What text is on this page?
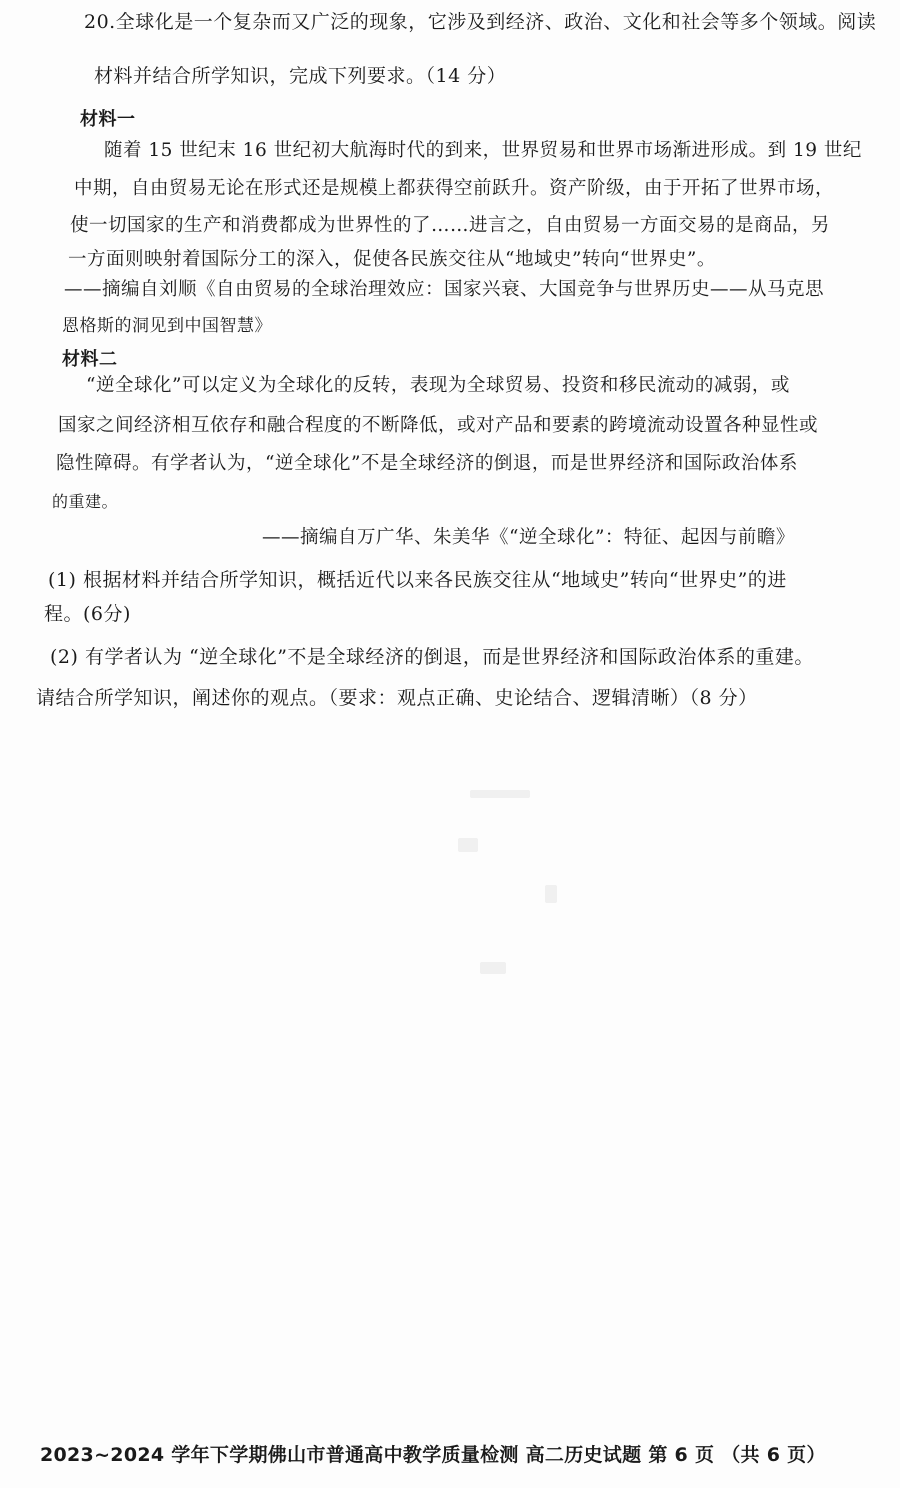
20.全球化是一个复杂而又广泛的现象，它涉及到经济、政治、文化和社会等多个领域。阅读
材料并结合所学知识，完成下列要求。（14 分）
材料一
随着 15 世纪末 16 世纪初大航海时代的到来，世界贸易和世界市场渐进形成。到 19 世纪
中期，自由贸易无论在形式还是规模上都获得空前跃升。资产阶级，由于开拓了世界市场，
使一切国家的生产和消费都成为世界性的了……进言之，自由贸易一方面交易的是商品，另
一方面则映射着国际分工的深入，促使各民族交往从“地域史”转向“世界史”。
——摘编自刘顺《自由贸易的全球治理效应：国家兴衰、大国竞争与世界历史——从马克思
恩格斯的洞见到中国智慧》
材料二
“逆全球化”可以定义为全球化的反转，表现为全球贸易、投资和移民流动的减弱，或
国家之间经济相互依存和融合程度的不断降低，或对产品和要素的跨境流动设置各种显性或
隐性障碍。有学者认为，“逆全球化”不是全球经济的倒退，而是世界经济和国际政治体系
的重建。
——摘编自万广华、朱美华《“逆全球化”：特征、起因与前瞻》
(1) 根据材料并结合所学知识，概括近代以来各民族交往从“地域史”转向“世界史”的进
程。(6分)
(2) 有学者认为 “逆全球化”不是全球经济的倒退，而是世界经济和国际政治体系的重建。
请结合所学知识，阐述你的观点。（要求：观点正确、史论结合、逻辑清晰）（8 分）
2023~2024 学年下学期佛山市普通高中教学质量检测 高二历史试题 第 6 页 （共 6 页）
